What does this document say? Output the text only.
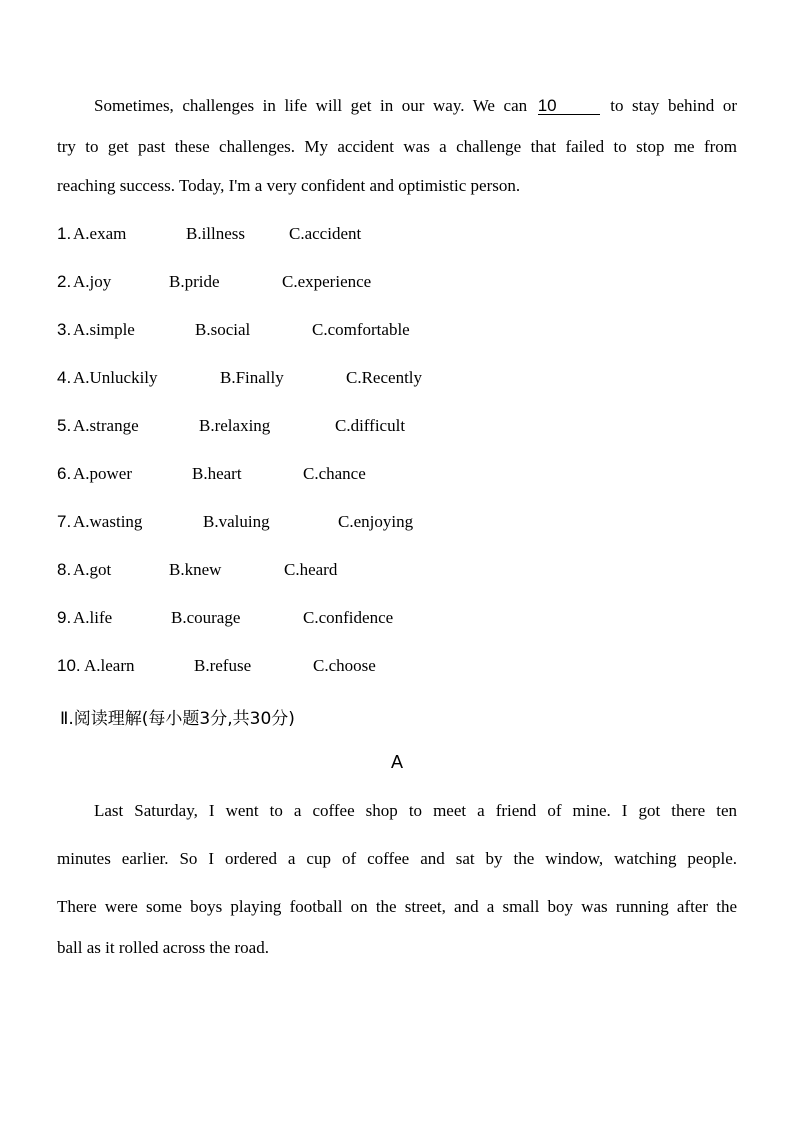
Sometimes, challenges in life will get in our way. We can 10	to stay behind or
try to get past these challenges. My accident was a challenge that failed to stop me from
reaching success. Today, I'm a very confident and optimistic person.
1. A.exam	B.illness	C.accident
2. A.joy	B.pride	C.experience
3. A.simple	B.social	C.comfortable
4. A.Unluckily	B.Finally	C.Recently
5. A.strange	B.relaxing	C.difficult
6. A.power	B.heart	C.chance
7. A.wasting	B.valuing	C.enjoying
8. A.got	B.knew	C.heard
9. A.life	B.courage	C.confidence
10. A.learn	B.refuse	C.choose
Ⅱ.阅读理解(每小题3分,共30分)
A
Last Saturday, I went to a coffee shop to meet a friend of mine. I got there ten
minutes earlier. So I ordered a cup of coffee and sat by the window, watching people.
There were some boys playing football on the street, and a small boy was running after the
ball as it rolled across the road.
